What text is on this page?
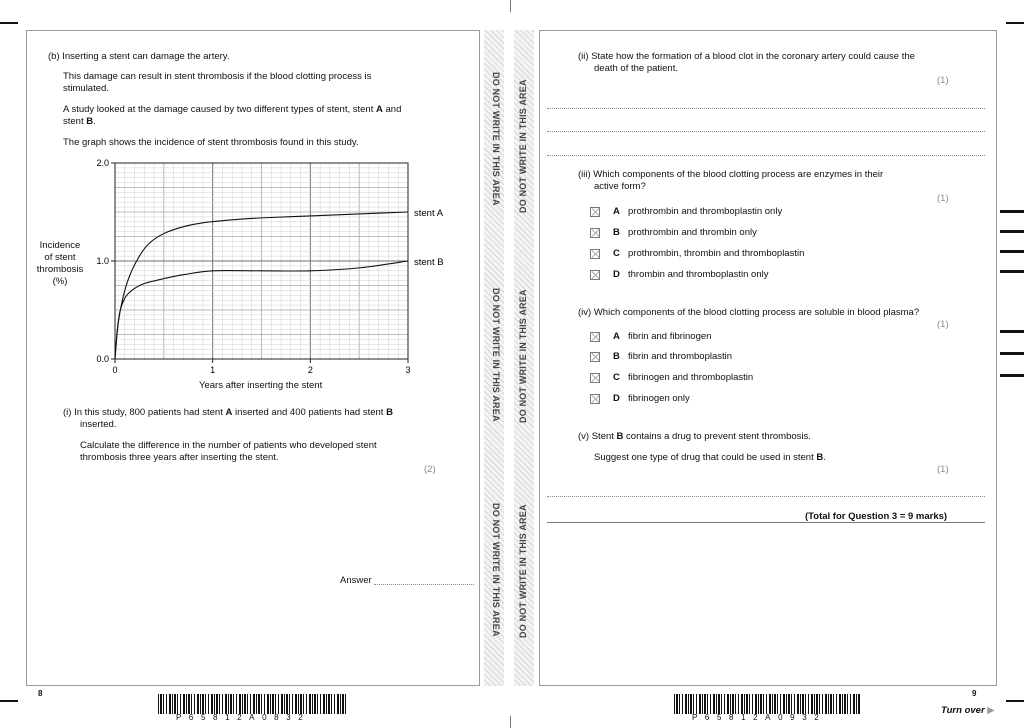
(b) Inserting a stent can damage the artery.
This damage can result in stent thrombosis if the blood clotting process is
stimulated.
A study looked at the damage caused by two different types of stent, stent A and
stent B.
The graph shows the incidence of stent thrombosis found in this study.
stent A
stent B
0	1	2	3
0.0
1.0
2.0
Incidence
of stent
thrombosis
(%)
Years after inserting the stent
(i) In this study, 800 patients had stent A inserted and 400 patients had stent B
inserted.
Calculate the difference in the number of patients who developed stent
thrombosis three years after inserting the stent.
(2)
Answer
8
P65812A0832
DO NOT WRITE IN THIS AREA
DO NOT WRITE IN THIS AREA
DO NOT WRITE IN THIS AREA
DO NOT WRITE IN THIS AREA
DO NOT WRITE IN THIS AREA
DO NOT WRITE IN THIS AREA
(ii) State how the formation of a blood clot in the coronary artery could cause the
death of the patient.
(1)
(iii) Which components of the blood clotting process are enzymes in their
active form?
(1)
A prothrombin and thromboplastin only
B prothrombin and thrombin only
C prothrombin, thrombin and thromboplastin
D thrombin and thromboplastin only
(iv) Which components of the blood clotting process are soluble in blood plasma?
(1)
A fibrin and fibrinogen
B fibrin and thromboplastin
C fibrinogen and thromboplastin
D fibrinogen only
(v) Stent B contains a drug to prevent stent thrombosis.
Suggest one type of drug that could be used in stent B.
(1)
(Total for Question 3 = 9 marks)
9
P65812A0932
Turn over ▶
